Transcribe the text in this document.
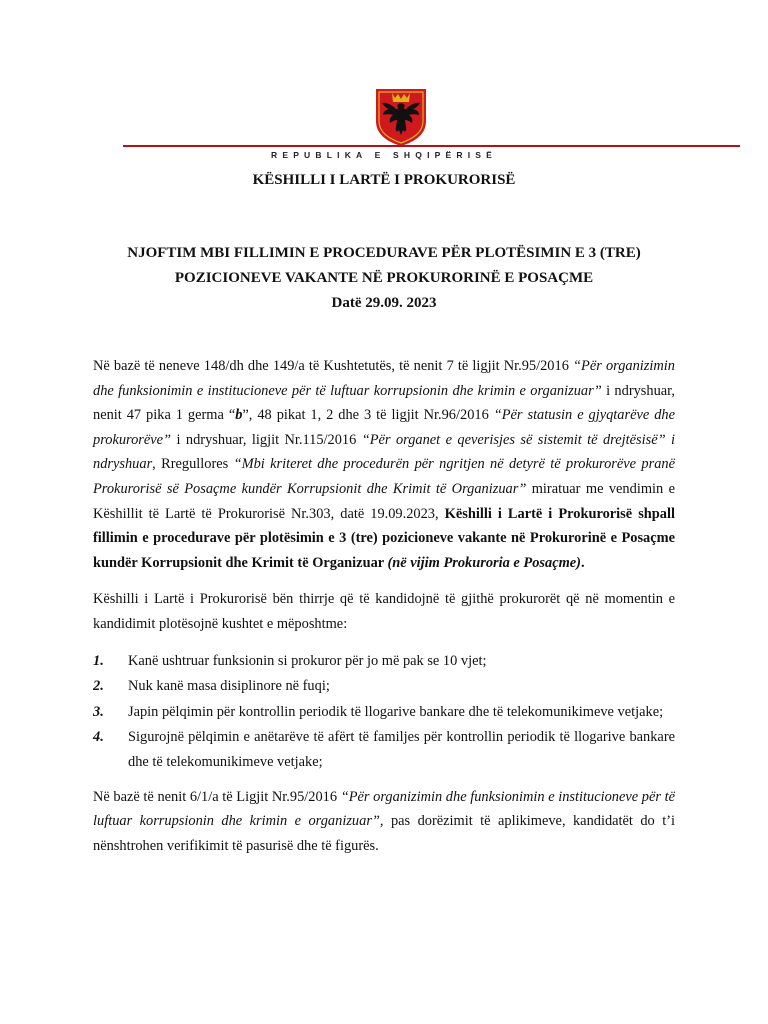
REPUBLIKA E SHQIPËRISË
KËSHILLI I LARTË I PROKURORISË
NJOFTIM MBI FILLIMIN E PROCEDURAVE PËR PLOTËSIMIN E 3 (TRE)
POZICIONEVE VAKANTE NË PROKURORINË E POSAÇME
Datë 29.09. 2023

Në bazë të neneve 148/dh dhe 149/a të Kushtetutës, të nenit 7 të ligjit Nr.95/2016 “Për organizimin dhe funksionimin e institucioneve për të luftuar korrupsionin dhe krimin e organizuar” i ndryshuar, nenit 47 pika 1 germa “b”, 48 pikat 1, 2 dhe 3 të ligjit Nr.96/2016 “Për statusin e gjyqtarëve dhe prokurorëve” i ndryshuar, ligjit Nr.115/2016 “Për organet e qeverisjes së sistemit të drejtësisë” i ndryshuar, Rregullores “Mbi kriteret dhe procedurën për ngritjen në detyrë të prokurorëve pranë Prokurorisë së Posaçme kundër Korrupsionit dhe Krimit të Organizuar” miratuar me vendimin e Këshillit të Lartë të Prokurorisë Nr.303, datë 19.09.2023, Këshilli i Lartë i Prokurorisë shpall fillimin e procedurave për plotësimin e 3 (tre) pozicioneve vakante në Prokurorinë e Posaçme kundër Korrupsionit dhe Krimit të Organizuar (në vijim Prokuroria e Posaçme).

Këshilli i Lartë i Prokurorisë bën thirrje që të kandidojnë të gjithë prokurorët që në momentin e kandidimit plotësojnë kushtet e mëposhtme:

1. Kanë ushtruar funksionin si prokuror për jo më pak se 10 vjet;
2. Nuk kanë masa disiplinore në fuqi;
3. Japin pëlqimin për kontrollin periodik të llogarive bankare dhe të telekomunikimeve vetjake;
4. Sigurojnë pëlqimin e anëtarëve të afërt të familjes për kontrollin periodik të llogarive bankare dhe të telekomunikimeve vetjake;

Në bazë të nenit 6/1/a të Ligjit Nr.95/2016 “Për organizimin dhe funksionimin e institucioneve për të luftuar korrupsionin dhe krimin e organizuar”, pas dorëzimit të aplikimeve, kandidatët do t’i nënshtrohen verifikimit të pasurisë dhe të figurës.
